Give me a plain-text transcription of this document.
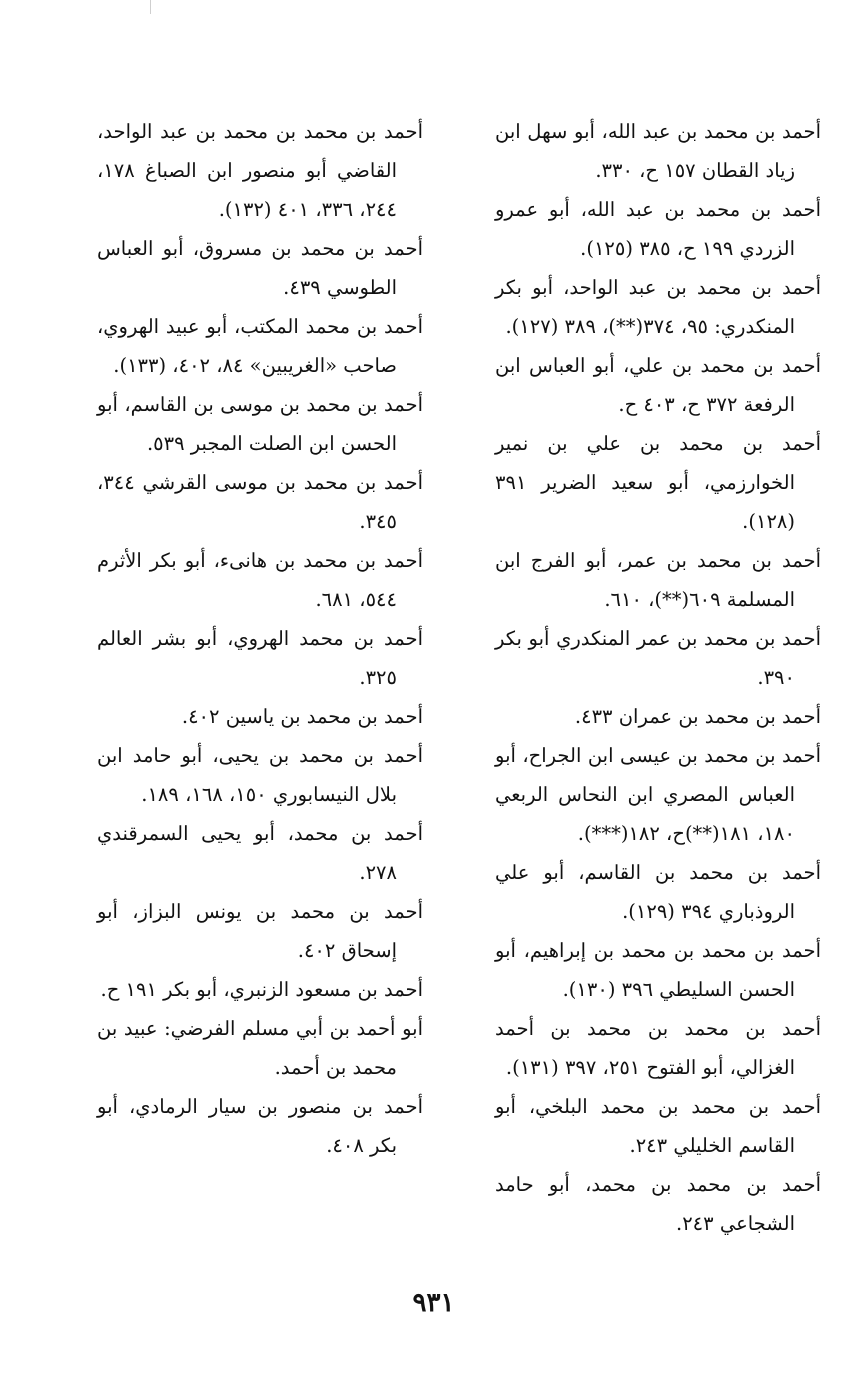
أحمد بن محمد بن عبد الله، أبو سهل ابن زياد القطان ١٥٧ ح، ٣٣٠.

أحمد بن محمد بن عبد الله، أبو عمرو الزردي ١٩٩ ح، ٣٨٥ (١٢٥).

أحمد بن محمد بن عبد الواحد، أبو بكر المنكدري: ٩٥، ٣٧٤(**)، ٣٨٩ (١٢٧).

أحمد بن محمد بن علي، أبو العباس ابن الرفعة ٣٧٢ ح، ٤٠٣ ح.

أحمد بن محمد بن علي بن نمير الخوارزمي، أبو سعيد الضرير ٣٩١ (١٢٨).

أحمد بن محمد بن عمر، أبو الفرج ابن المسلمة ٦٠٩(**)، ٦١٠.

أحمد بن محمد بن عمر المنكدري أبو بكر ٣٩٠.

أحمد بن محمد بن عمران ٤٣٣.

أحمد بن محمد بن عيسى ابن الجراح، أبو العباس المصري ابن النحاس الربعي ١٨٠، ١٨١(**)ح، ١٨٢(***).

أحمد بن محمد بن القاسم، أبو علي الروذباري ٣٩٤ (١٢٩).

أحمد بن محمد بن محمد بن إبراهيم، أبو الحسن السليطي ٣٩٦ (١٣٠).

أحمد بن محمد بن محمد بن أحمد الغزالي، أبو الفتوح ٢٥١، ٣٩٧ (١٣١).

أحمد بن محمد بن محمد البلخي، أبو القاسم الخليلي ٢٤٣.

أحمد بن محمد بن محمد، أبو حامد الشجاعي ٢٤٣.

أحمد بن محمد بن محمد بن عبد الواحد، القاضي أبو منصور ابن الصباغ ١٧٨، ٢٤٤، ٣٣٦، ٤٠١ (١٣٢).

أحمد بن محمد بن مسروق، أبو العباس الطوسي ٤٣٩.

أحمد بن محمد المكتب، أبو عبيد الهروي، صاحب «الغريبين» ٨٤، ٤٠٢، (١٣٣).

أحمد بن محمد بن موسى بن القاسم، أبو الحسن ابن الصلت المجبر ٥٣٩.

أحمد بن محمد بن موسى القرشي ٣٤٤، ٣٤٥.

أحمد بن محمد بن هانىء، أبو بكر الأثرم ٥٤٤، ٦٨١.

أحمد بن محمد الهروي، أبو بشر العالم ٣٢٥.

أحمد بن محمد بن ياسين ٤٠٢.

أحمد بن محمد بن يحيى، أبو حامد ابن بلال النيسابوري ١٥٠، ١٦٨، ١٨٩.

أحمد بن محمد، أبو يحيى السمرقندي ٢٧٨.

أحمد بن محمد بن يونس البزاز، أبو إسحاق ٤٠٢.

أحمد بن مسعود الزنبري، أبو بكر ١٩١ ح.

أبو أحمد بن أبي مسلم الفرضي: عبيد بن محمد بن أحمد.

أحمد بن منصور بن سيار الرمادي، أبو بكر ٤٠٨.

٩٣١
